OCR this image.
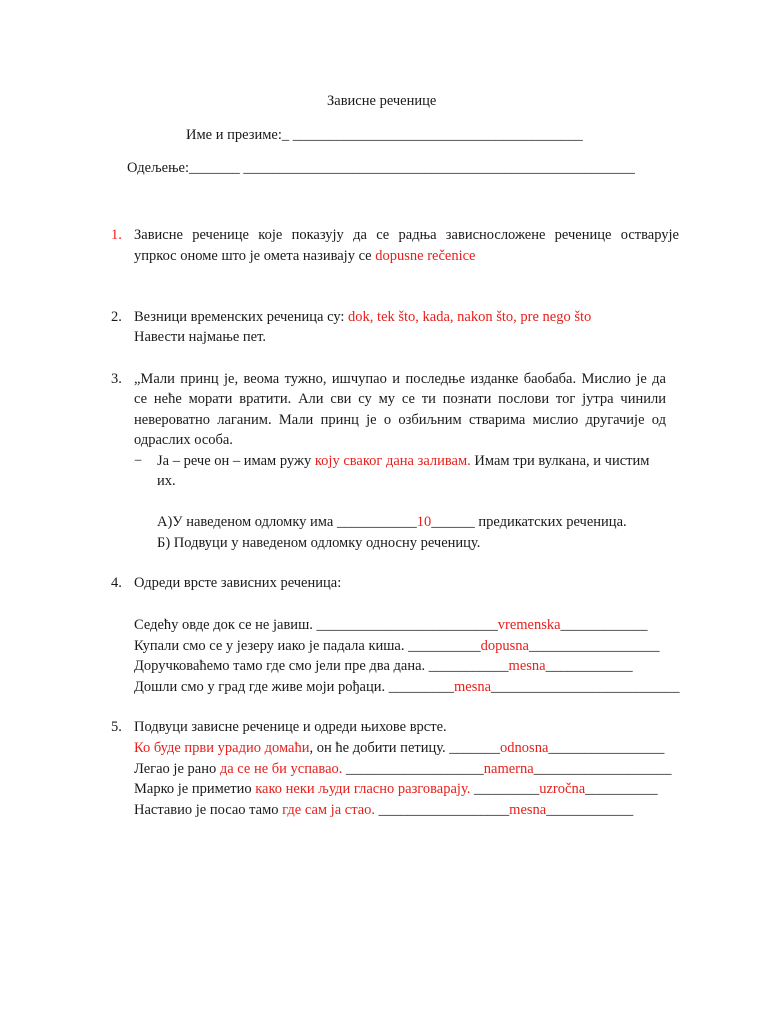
Зависне реченице
Име и презиме:_ ________________________________________
Одељење:_______ ______________________________________________________
1. Зависне реченице које показују да се радња зависносложене реченице остварује
упркос ономе што је омета називају се dopusne rečenice
2. Везници временских реченица су: dok, tek što, kada, nakon što, pre nego što
Навести најмање пет.
3. „Мали принц је, веома тужно, ишчупао и последње изданке баобаба. Мислио је да
се неће морати вратити. Али сви су му се ти познати послови тог јутра чинили
невероватно лаганим. Мали принц је о озбиљним стварима мислио другачије од
одраслих особа.
− Ја – рече он – имам ружу коју сваког дана заливам. Имам три вулкана, и чистим
их.
А)У наведеном одломку има ___________10______ предикатских реченица.
Б) Подвуци у наведеном одломку односну реченицу.
4. Одреди врсте зависних реченица:
Седећу овде док се не јавиш. _________________________vremenska____________
Купали смо се у језеру иако је падала киша. __________dopusna__________________
Доручковаћемо тамо где смо јели пре два дана. ___________mesna____________
Дошли смо у град где живе моји рођаци. _________mesna__________________________
5. Подвуци зависне реченице и одреди њихове врсте.
Ко буде први урадио домаћи, он ће добити петицу. _______odnosna________________
Легао је рано да се не би успавао. ___________________namerna___________________
Марко је приметио како неки људи гласно разговарају. _________uzročna__________
Наставио је посао тамо где сам ја стао. __________________mesna____________
